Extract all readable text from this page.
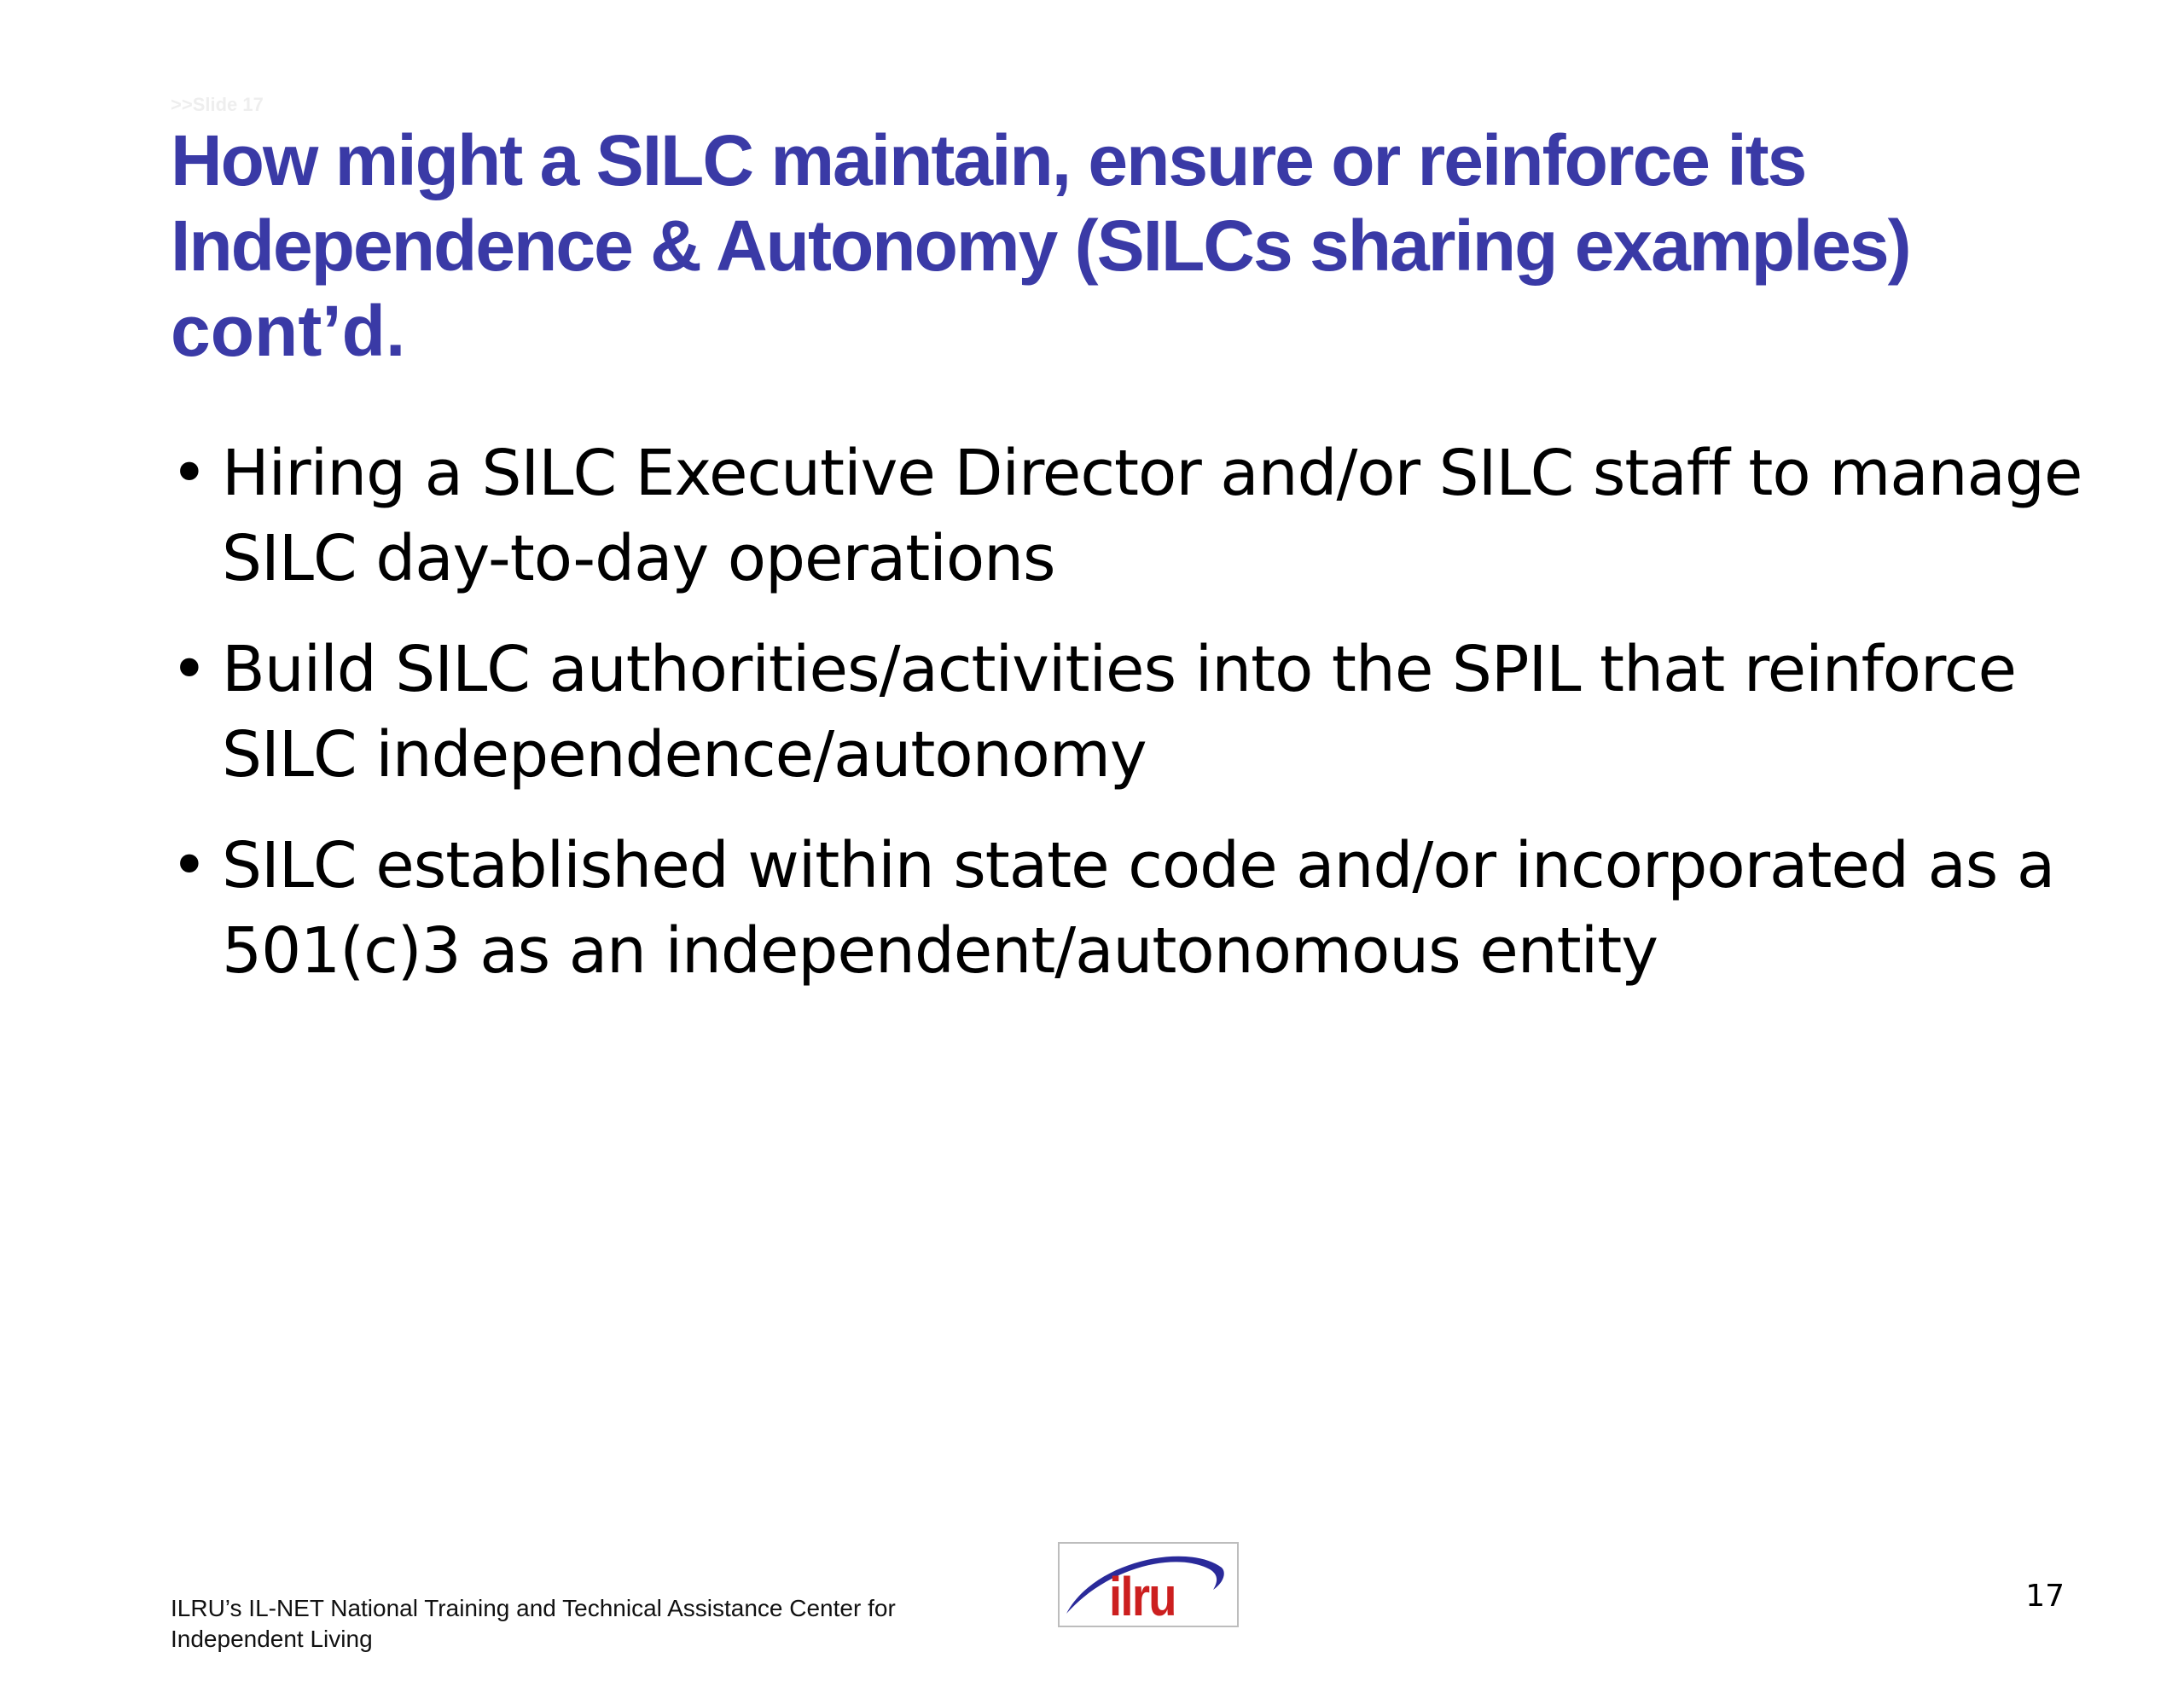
>>Slide 17

How might a SILC maintain, ensure or reinforce its Independence & Autonomy (SILCs sharing examples) cont’d.
• Hiring a SILC Executive Director and/or SILC staff to manage SILC day-to-day operations
• Build SILC authorities/activities into the SPIL that reinforce SILC independence/autonomy
• SILC established within state code and/or incorporated as a 501(c)3 as an independent/autonomous entity

ILRU’s IL-NET National Training and Technical Assistance Center for Independent Living

ilru	17
